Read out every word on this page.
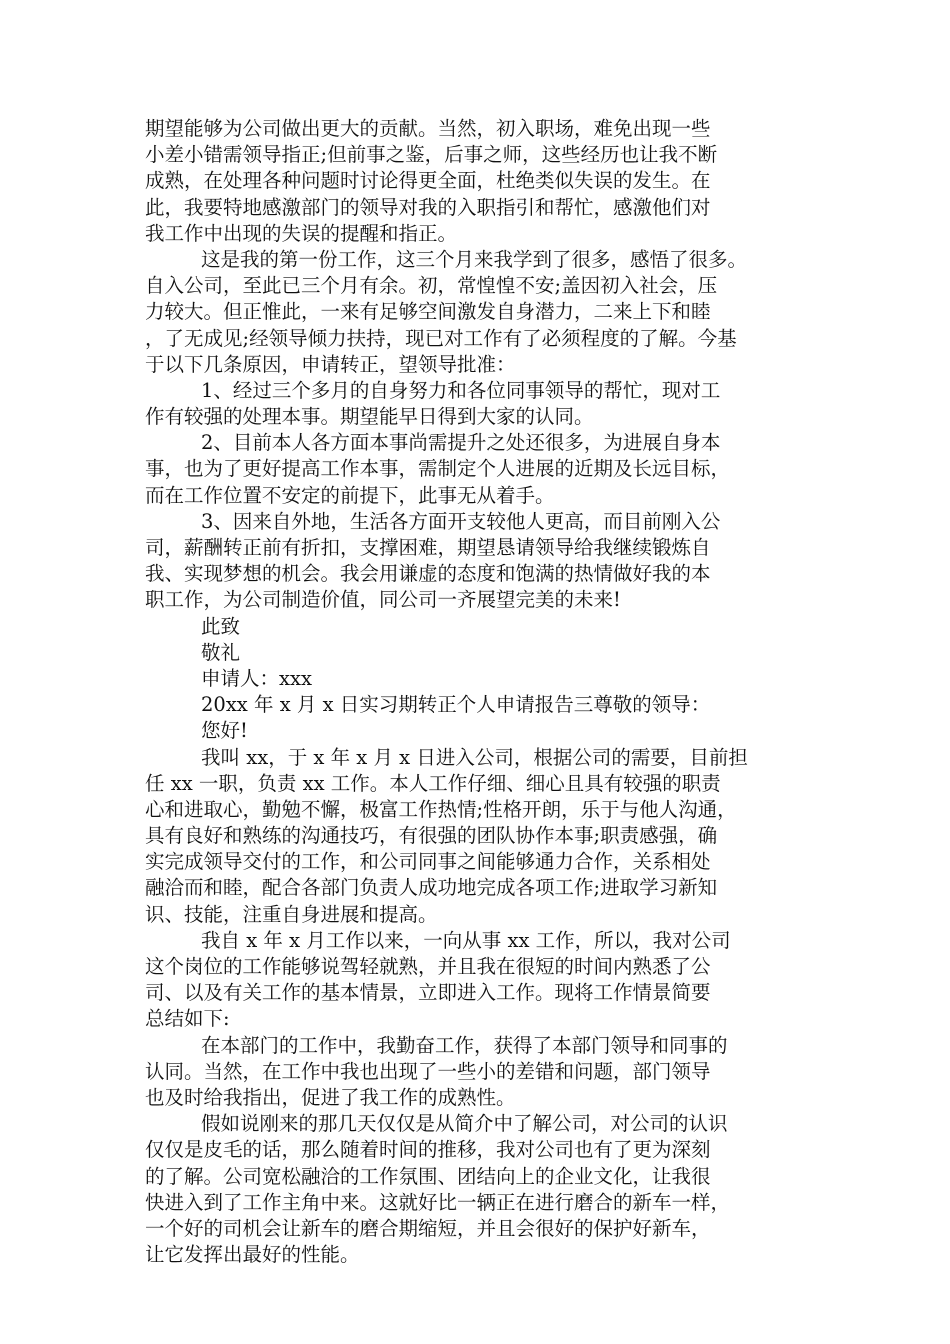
期望能够为公司做出更大的贡献。当然，初入职场，难免出现一些
小差小错需领导指正;但前事之鉴，后事之师，这些经历也让我不断
成熟，在处理各种问题时讨论得更全面，杜绝类似失误的发生。在
此，我要特地感激部门的领导对我的入职指引和帮忙，感激他们对
我工作中出现的失误的提醒和指正。
这是我的第一份工作，这三个月来我学到了很多，感悟了很多。
自入公司，至此已三个月有余。初，常惶惶不安;盖因初入社会，压
力较大。但正惟此，一来有足够空间激发自身潜力，二来上下和睦
，了无成见;经领导倾力扶持，现已对工作有了必须程度的了解。今基
于以下几条原因，申请转正，望领导批准：
1、经过三个多月的自身努力和各位同事领导的帮忙，现对工
作有较强的处理本事。期望能早日得到大家的认同。
2、目前本人各方面本事尚需提升之处还很多，为进展自身本
事，也为了更好提高工作本事，需制定个人进展的近期及长远目标，
而在工作位置不安定的前提下，此事无从着手。
3、因来自外地，生活各方面开支较他人更高，而目前刚入公
司，薪酬转正前有折扣，支撑困难，期望恳请领导给我继续锻炼自
我、实现梦想的机会。我会用谦虚的态度和饱满的热情做好我的本
职工作，为公司制造价值，同公司一齐展望完美的未来!
此致
敬礼
申请人：xxx
20xx 年 x 月 x 日实习期转正个人申请报告三尊敬的领导：
您好!
我叫 xx，于 x 年 x 月 x 日进入公司，根据公司的需要，目前担
任 xx 一职，负责 xx 工作。本人工作仔细、细心且具有较强的职责
心和进取心，勤勉不懈，极富工作热情;性格开朗，乐于与他人沟通，
具有良好和熟练的沟通技巧，有很强的团队协作本事;职责感强，确
实完成领导交付的工作，和公司同事之间能够通力合作，关系相处
融洽而和睦，配合各部门负责人成功地完成各项工作;进取学习新知
识、技能，注重自身进展和提高。
我自 x 年 x 月工作以来，一向从事 xx 工作，所以，我对公司
这个岗位的工作能够说驾轻就熟，并且我在很短的时间内熟悉了公
司、以及有关工作的基本情景，立即进入工作。现将工作情景简要
总结如下:
在本部门的工作中，我勤奋工作，获得了本部门领导和同事的
认同。当然，在工作中我也出现了一些小的差错和问题，部门领导
也及时给我指出，促进了我工作的成熟性。
假如说刚来的那几天仅仅是从简介中了解公司，对公司的认识
仅仅是皮毛的话，那么随着时间的推移，我对公司也有了更为深刻
的了解。公司宽松融洽的工作氛围、团结向上的企业文化，让我很
快进入到了工作主角中来。这就好比一辆正在进行磨合的新车一样，
一个好的司机会让新车的磨合期缩短，并且会很好的保护好新车，
让它发挥出最好的性能。
